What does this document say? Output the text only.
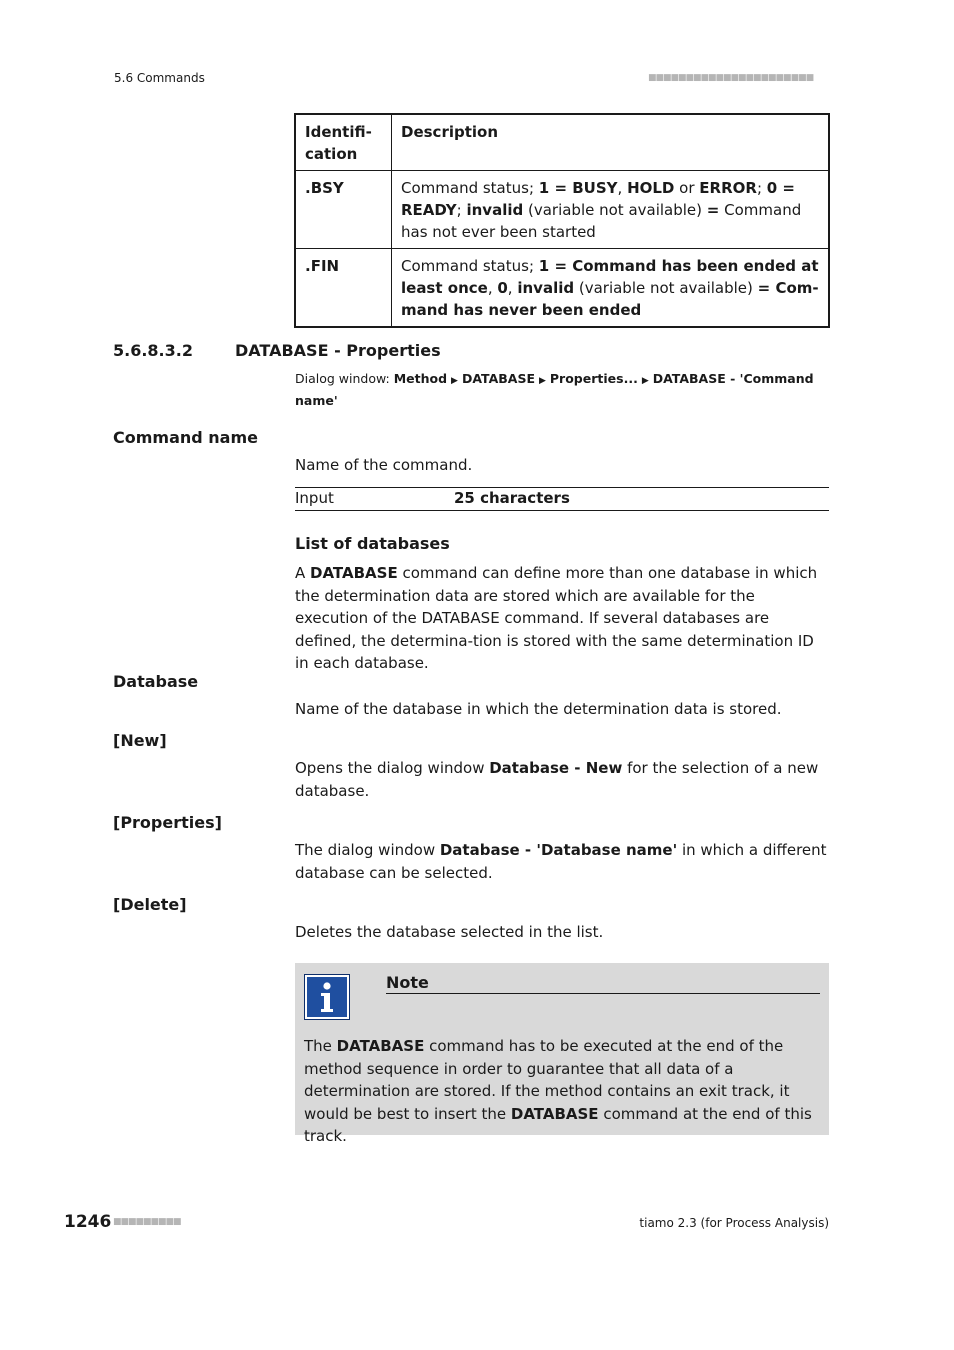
5.6 Commands	■■■■■■■■■■■■■■■■■■■■■■
Identifi-
cation	Description
.BSY	Command status; 1 = BUSY, HOLD or ERROR; 0 = READY; invalid (variable not available) = Command has not ever been started
.FIN	Command status; 1 = Command has been ended at least once, 0, invalid (variable not available) = Com-mand has never been ended
5.6.8.3.2	DATABASE - Properties
Dialog window: Method ▶ DATABASE ▶ Properties... ▶ DATABASE - 'Command name'
Command name
Name of the command.
Input	25 characters
List of databases
A DATABASE command can define more than one database in which the determination data are stored which are available for the execution of the DATABASE command. If several databases are defined, the determina-tion is stored with the same determination ID in each database.
Database
Name of the database in which the determination data is stored.
[New]
Opens the dialog window Database - New for the selection of a new database.
[Properties]
The dialog window Database - 'Database name' in which a different database can be selected.
[Delete]
Deletes the database selected in the list.
Note
The DATABASE command has to be executed at the end of the method sequence in order to guarantee that all data of a determination are stored. If the method contains an exit track, it would be best to insert the DATABASE command at the end of this track.
1246 ■■■■■■■■■	tiamo 2.3 (for Process Analysis)
